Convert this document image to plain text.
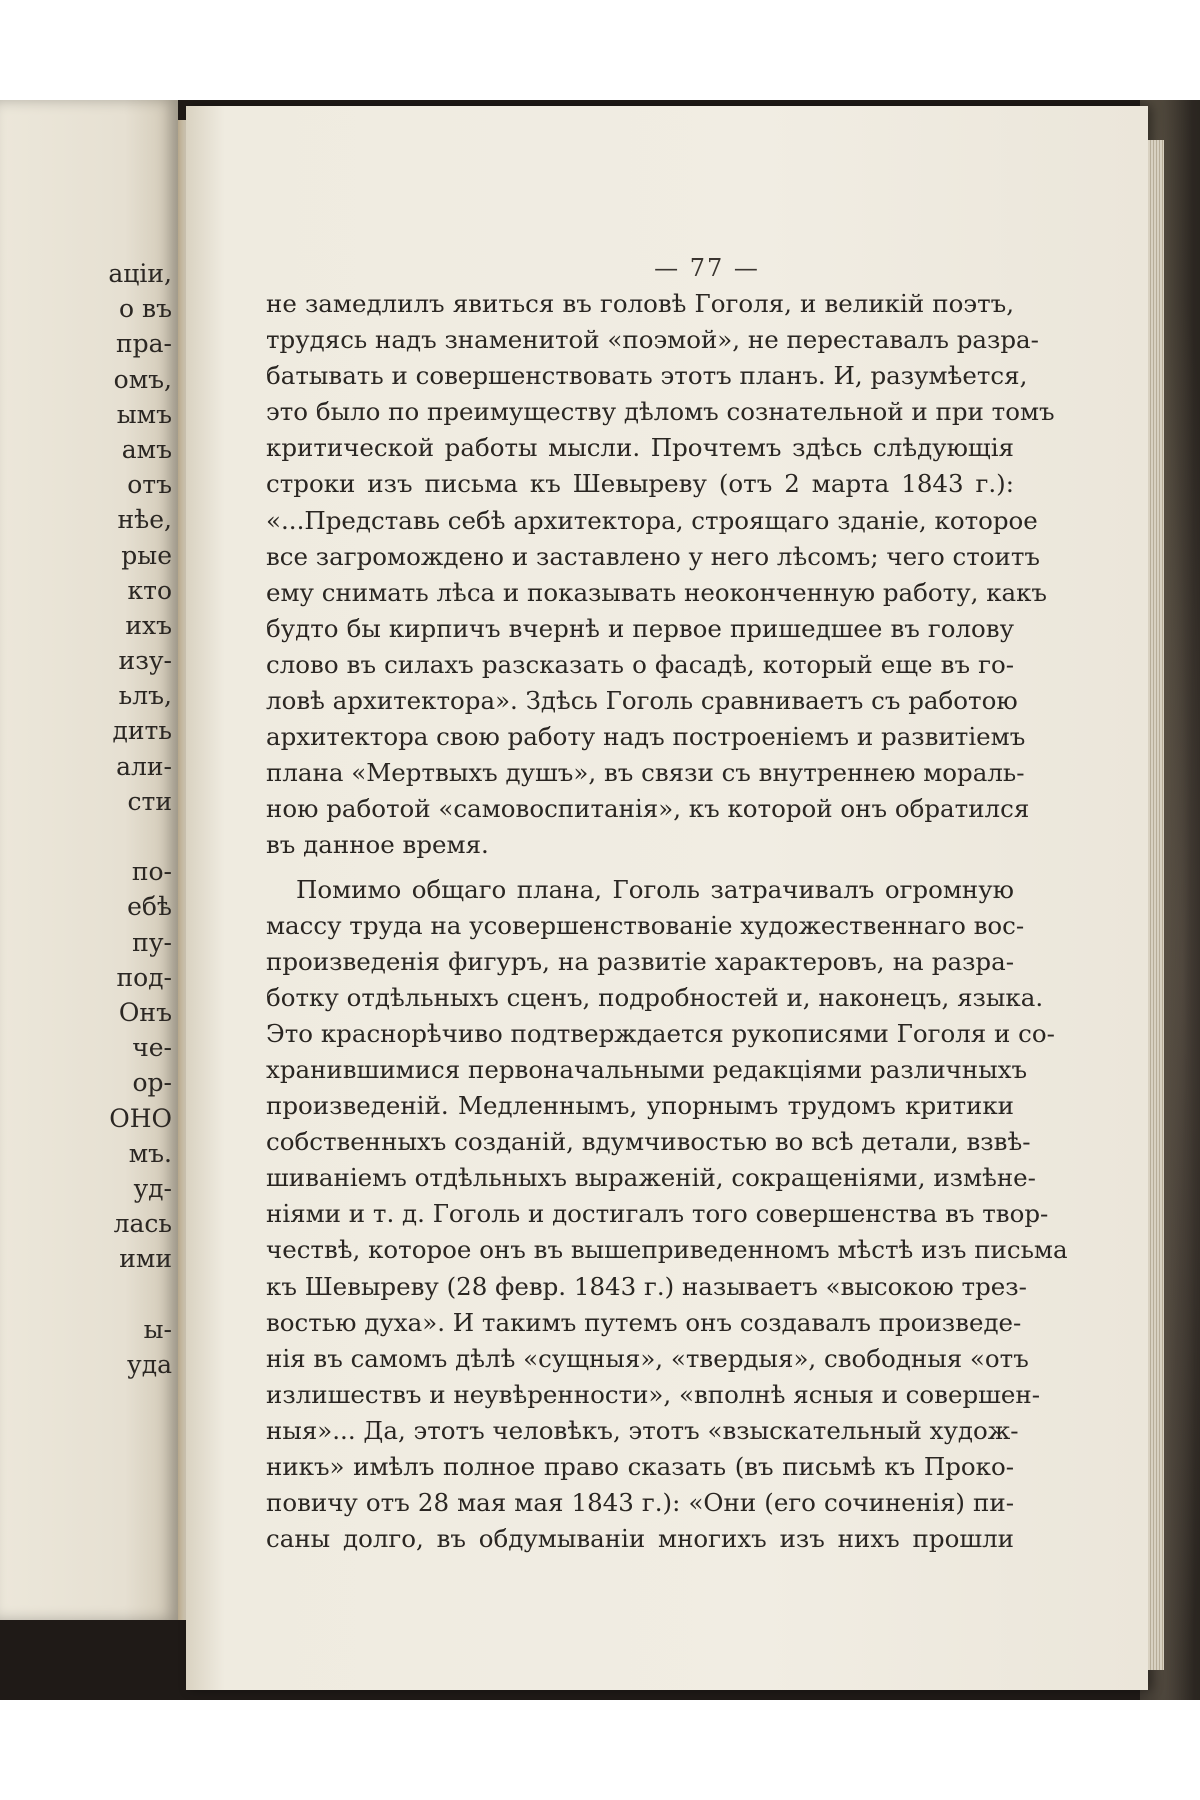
аціи,
о въ
пра-
омъ,
ымъ
амъ
отъ
нѣе,
рые
кто
ихъ
изу-
ьлъ,
дить
али-
сти
по-
ебѣ
пу-
под-
Онъ
че-
ор-
ОНО
мъ.
уд-
лась
ими
ы-
уда
— 77 —
не замедлилъ явиться въ головѣ Гоголя, и великій поэтъ,
трудясь надъ знаменитой «поэмой», не переставалъ разра-
батывать и совершенствовать этотъ планъ. И, разумѣется,
это было по преимуществу дѣломъ сознательной и при томъ
критической работы мысли. Прочтемъ здѣсь слѣдующія
строки изъ письма къ Шевыреву (отъ 2 марта 1843 г.):
«...Представь себѣ архитектора, строящаго зданіе, которое
все загромождено и заставлено у него лѣсомъ; чего стоитъ
ему снимать лѣса и показывать неоконченную работу, какъ
будто бы кирпичъ вчернѣ и первое пришедшее въ голову
слово въ силахъ разсказать о фасадѣ, который еще въ го-
ловѣ архитектора». Здѣсь Гоголь сравниваетъ съ работою
архитектора свою работу надъ построеніемъ и развитіемъ
плана «Мертвыхъ душъ», въ связи съ внутреннею мораль-
ною работой «самовоспитанія», къ которой онъ обратился
въ данное время.
Помимо общаго плана, Гоголь затрачивалъ огромную
массу труда на усовершенствованіе художественнаго вос-
произведенія фигуръ, на развитіе характеровъ, на разра-
ботку отдѣльныхъ сценъ, подробностей и, наконецъ, языка.
Это краснорѣчиво подтверждается рукописями Гоголя и со-
хранившимися первоначальными редакціями различныхъ
произведеній. Медленнымъ, упорнымъ трудомъ критики
собственныхъ созданій, вдумчивостью во всѣ детали, взвѣ-
шиваніемъ отдѣльныхъ выраженій, сокращеніями, измѣне-
ніями и т. д. Гоголь и достигалъ того совершенства въ твор-
чествѣ, которое онъ въ вышеприведенномъ мѣстѣ изъ письма
къ Шевыреву (28 февр. 1843 г.) называетъ «высокою трез-
востью духа». И такимъ путемъ онъ создавалъ произведе-
нія въ самомъ дѣлѣ «сущныя», «твердыя», свободныя «отъ
излишествъ и неувѣренности», «вполнѣ ясныя и совершен-
ныя»... Да, этотъ человѣкъ, этотъ «взыскательный худож-
никъ» имѣлъ полное право сказать (въ письмѣ къ Проко-
повичу отъ 28 мая мая 1843 г.): «Они (его сочиненія) пи-
саны долго, въ обдумываніи многихъ изъ нихъ прошли
